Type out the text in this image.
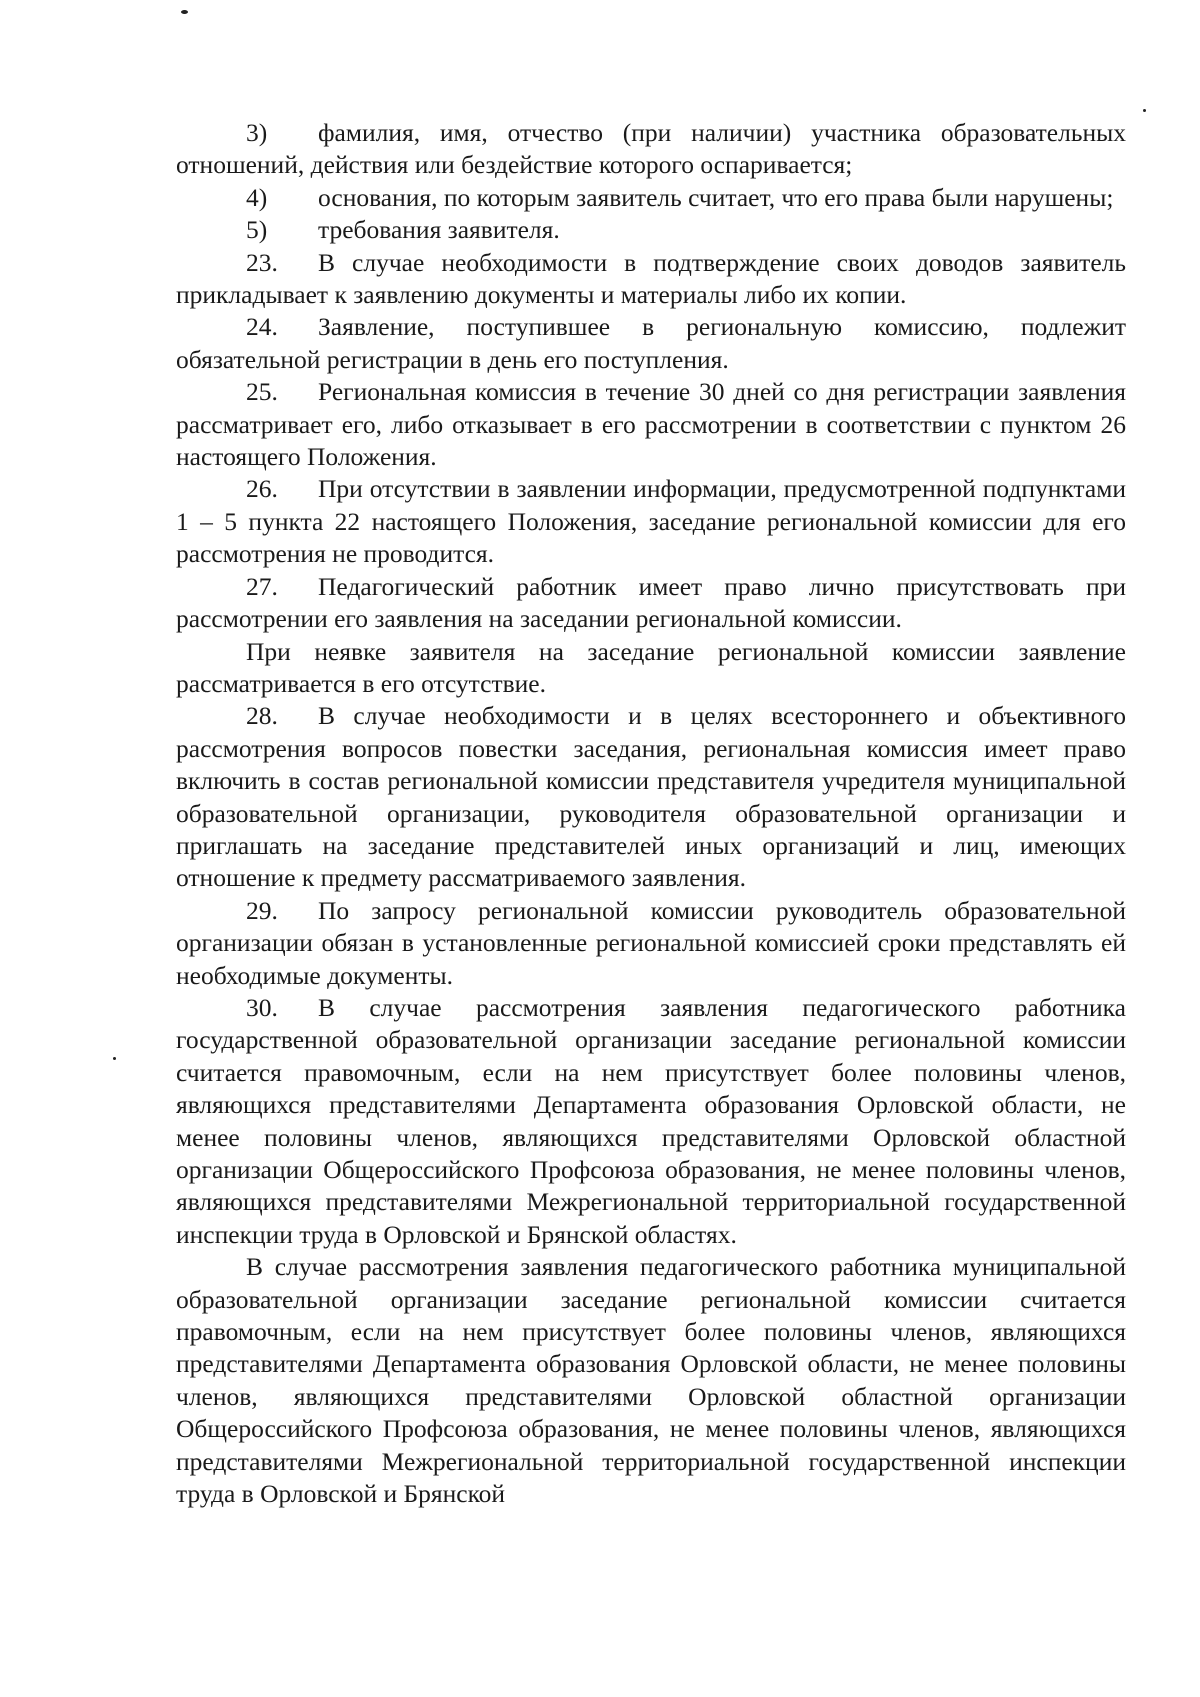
3) фамилия, имя, отчество (при наличии) участника образовательных отношений, действия или бездействие которого оспаривается;

4) основания, по которым заявитель считает, что его права были нарушены;

5) требования заявителя.

23. В случае необходимости в подтверждение своих доводов заявитель прикладывает к заявлению документы и материалы либо их копии.

24. Заявление, поступившее в региональную комиссию, подлежит обязательной регистрации в день его поступления.

25. Региональная комиссия в течение 30 дней со дня регистрации заявления рассматривает его, либо отказывает в его рассмотрении в соответствии с пунктом 26 настоящего Положения.

26. При отсутствии в заявлении информации, предусмотренной подпунктами 1 – 5 пункта 22 настоящего Положения, заседание региональной комиссии для его рассмотрения не проводится.

27. Педагогический работник имеет право лично присутствовать при рассмотрении его заявления на заседании региональной комиссии.

При неявке заявителя на заседание региональной комиссии заявление рассматривается в его отсутствие.

28. В случае необходимости и в целях всестороннего и объективного рассмотрения вопросов повестки заседания, региональная комиссия имеет право включить в состав региональной комиссии представителя учредителя муниципальной образовательной организации, руководителя образовательной организации и приглашать на заседание представителей иных организаций и лиц, имеющих отношение к предмету рассматриваемого заявления.

29. По запросу региональной комиссии руководитель образовательной организации обязан в установленные региональной комиссией сроки представлять ей необходимые документы.

30. В случае рассмотрения заявления педагогического работника государственной образовательной организации заседание региональной комиссии считается правомочным, если на нем присутствует более половины членов, являющихся представителями Департамента образования Орловской области, не менее половины членов, являющихся представителями Орловской областной организации Общероссийского Профсоюза образования, не менее половины членов, являющихся представителями Межрегиональной территориальной государственной инспекции труда в Орловской и Брянской областях.

В случае рассмотрения заявления педагогического работника муниципальной образовательной организации заседание региональной комиссии считается правомочным, если на нем присутствует более половины членов, являющихся представителями Департамента образования Орловской области, не менее половины членов, являющихся представителями Орловской областной организации Общероссийского Профсоюза образования, не менее половины членов, являющихся представителями Межрегиональной территориальной государственной инспекции труда в Орловской и Брянской
